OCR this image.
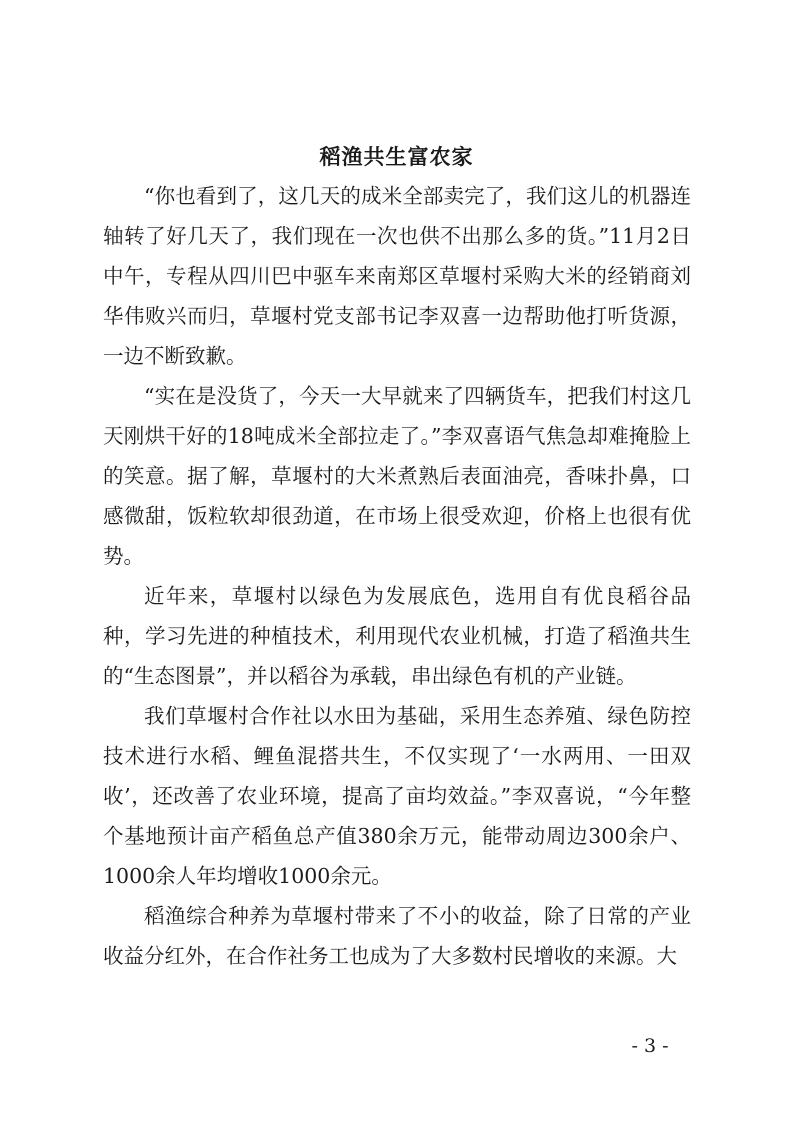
稻渔共生富农家

“你也看到了，这几天的成米全部卖完了，我们这儿的机器连轴转了好几天了，我们现在一次也供不出那么多的货。”11月2日中午，专程从四川巴中驱车来南郑区草堰村采购大米的经销商刘华伟败兴而归，草堰村党支部书记李双喜一边帮助他打听货源，一边不断致歉。

“实在是没货了，今天一大早就来了四辆货车，把我们村这几天刚烘干好的18吨成米全部拉走了。”李双喜语气焦急却难掩脸上的笑意。据了解，草堰村的大米煮熟后表面油亮，香味扑鼻，口感微甜，饭粒软却很劲道，在市场上很受欢迎，价格上也很有优势。

近年来，草堰村以绿色为发展底色，选用自有优良稻谷品种，学习先进的种植技术，利用现代农业机械，打造了稻渔共生的“生态图景”，并以稻谷为承载，串出绿色有机的产业链。

我们草堰村合作社以水田为基础，采用生态养殖、绿色防控技术进行水稻、鲤鱼混搭共生，不仅实现了‘一水两用、一田双收’，还改善了农业环境，提高了亩均效益。”李双喜说，“今年整个基地预计亩产稻鱼总产值380余万元，能带动周边300余户、1000余人年均增收1000余元。

稻渔综合种养为草堰村带来了不小的收益，除了日常的产业收益分红外，在合作社务工也成为了大多数村民增收的来源。大

- 3 -
